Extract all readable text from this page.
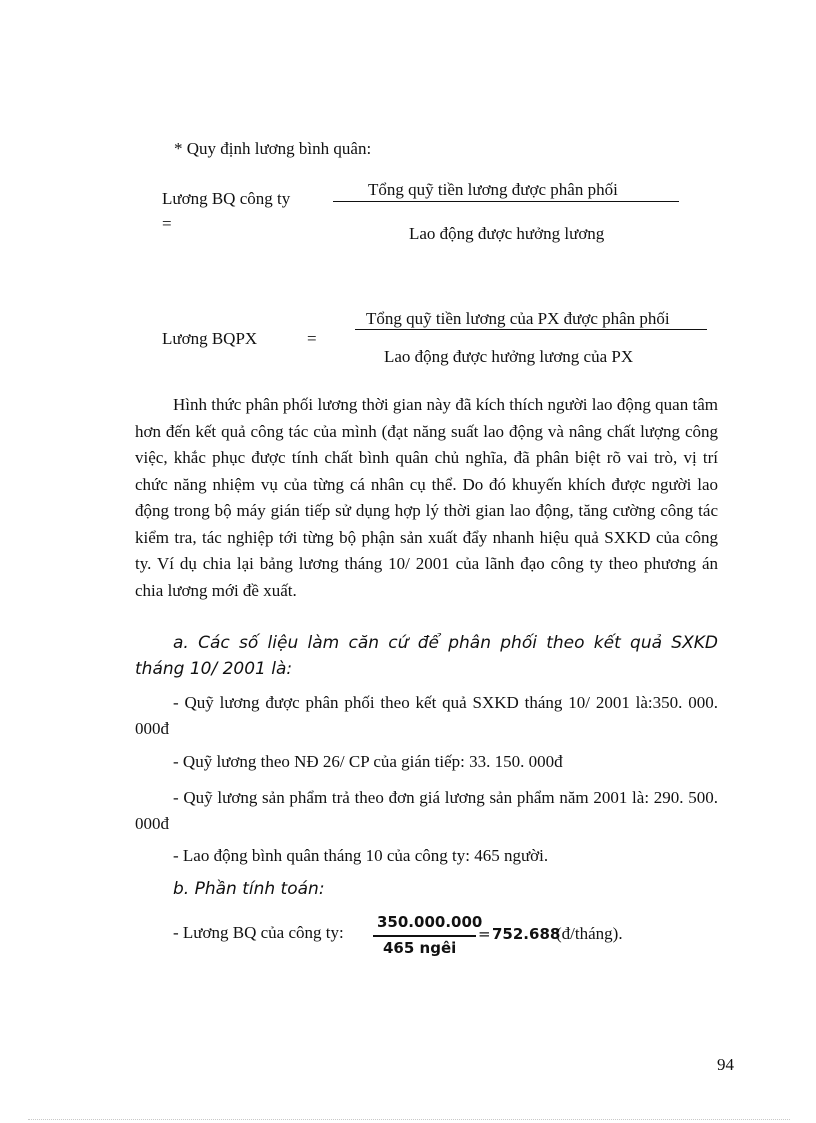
* Quy định lương bình quân:
Lương BQ công ty
=
Tổng quỹ tiền lương được phân phối
Lao động được hưởng lương
Lương BQPX	=
Tổng quỹ tiền lương của PX được phân phối
Lao động được hưởng lương của PX

Hình thức phân phối lương thời gian này đã kích thích người lao động quan tâm hơn đến kết quả công tác của mình (đạt năng suất lao động và nâng chất lượng công việc, khắc phục được tính chất bình quân chủ nghĩa, đã phân biệt rõ vai trò, vị trí chức năng nhiệm vụ của từng cá nhân cụ thể. Do đó khuyến khích được người lao động trong bộ máy gián tiếp sử dụng hợp lý thời gian lao động, tăng cường công tác kiểm tra, tác nghiệp tới từng bộ phận sản xuất đẩy nhanh hiệu quả SXKD của công ty. Ví dụ chia lại bảng lương tháng 10/ 2001 của lãnh đạo công ty theo phương án chia lương mới đề xuất.

a. Các số liệu làm căn cứ để phân phối theo kết quả SXKD tháng 10/ 2001 là:

- Quỹ lương được phân phối theo kết quả SXKD tháng 10/ 2001 là:350. 000. 000đ

- Quỹ lương theo NĐ 26/ CP của gián tiếp: 33. 150. 000đ

- Quỹ lương sản phẩm trả theo đơn giá lương sản phẩm năm 2001 là: 290. 500. 000đ

- Lao động bình quân tháng 10 của công ty: 465 người.

b. Phần tính toán:

- Lương BQ của công ty:
350.000.000
465 ngêi
= 752.688
(đ/tháng).
94
